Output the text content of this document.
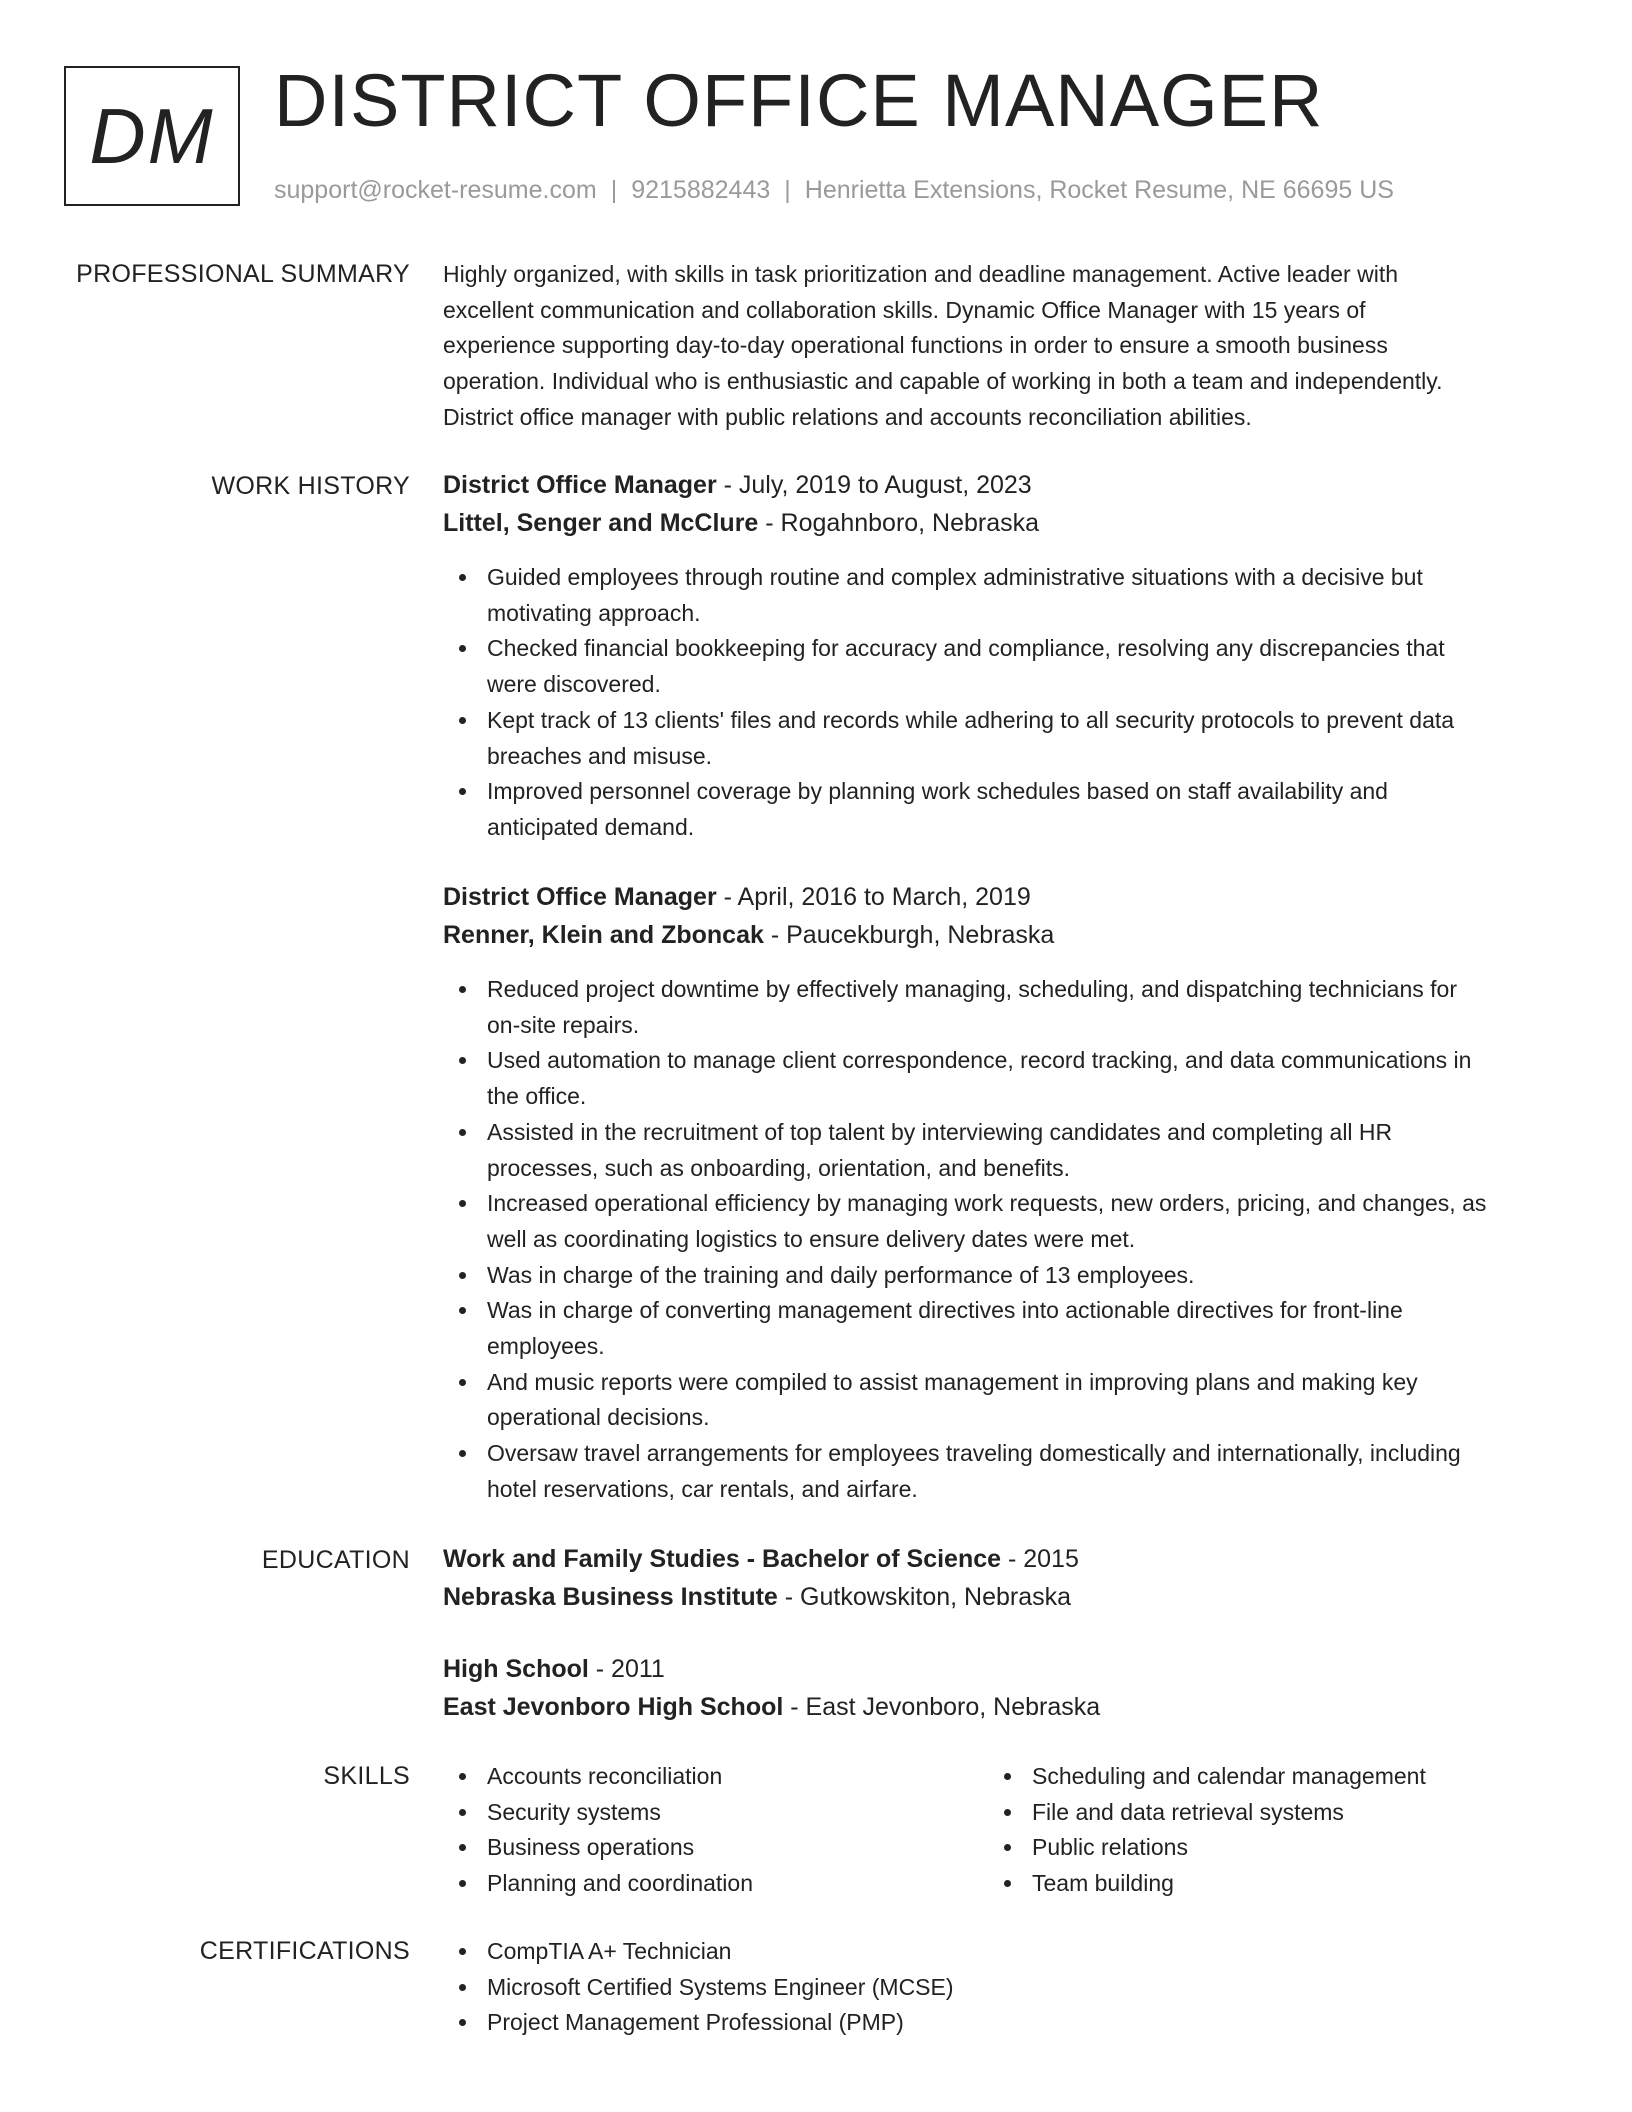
DM DISTRICT OFFICE MANAGER
support@rocket-resume.com | 9215882443 | Henrietta Extensions, Rocket Resume, NE 66695 US
PROFESSIONAL SUMMARY Highly organized, with skills in task prioritization and deadline management. Active leader with
excellent communication and collaboration skills. Dynamic Office Manager with 15 years of
experience supporting day-to-day operational functions in order to ensure a smooth business
operation. Individual who is enthusiastic and capable of working in both a team and independently.
District office manager with public relations and accounts reconciliation abilities.
WORK HISTORY District Office Manager - July, 2019 to August, 2023
Littel, Senger and McClure - Rogahnboro, Nebraska
Guided employees through routine and complex administrative situations with a decisive but
motivating approach.
Checked financial bookkeeping for accuracy and compliance, resolving any discrepancies that
were discovered.
Kept track of 13 clients' files and records while adhering to all security protocols to prevent data
breaches and misuse.
Improved personnel coverage by planning work schedules based on staff availability and
anticipated demand.
District Office Manager - April, 2016 to March, 2019
Renner, Klein and Zboncak - Paucekburgh, Nebraska
Reduced project downtime by effectively managing, scheduling, and dispatching technicians for
on-site repairs.
Used automation to manage client correspondence, record tracking, and data communications in
the office.
Assisted in the recruitment of top talent by interviewing candidates and completing all HR
processes, such as onboarding, orientation, and benefits.
Increased operational efficiency by managing work requests, new orders, pricing, and changes, as
well as coordinating logistics to ensure delivery dates were met.
Was in charge of the training and daily performance of 13 employees.
Was in charge of converting management directives into actionable directives for front-line
employees.
And music reports were compiled to assist management in improving plans and making key
operational decisions.
Oversaw travel arrangements for employees traveling domestically and internationally, including
hotel reservations, car rentals, and airfare.
EDUCATION Work and Family Studies - Bachelor of Science - 2015
Nebraska Business Institute - Gutkowskiton, Nebraska
High School - 2011
East Jevonboro High School - East Jevonboro, Nebraska
SKILLS	Accounts reconciliation
Security systems
Business operations
Planning and coordination
Scheduling and calendar management
File and data retrieval systems
Public relations
Team building
CERTIFICATIONS	CompTIA A+ Technician
Microsoft Certified Systems Engineer (MCSE)
Project Management Professional (PMP)
